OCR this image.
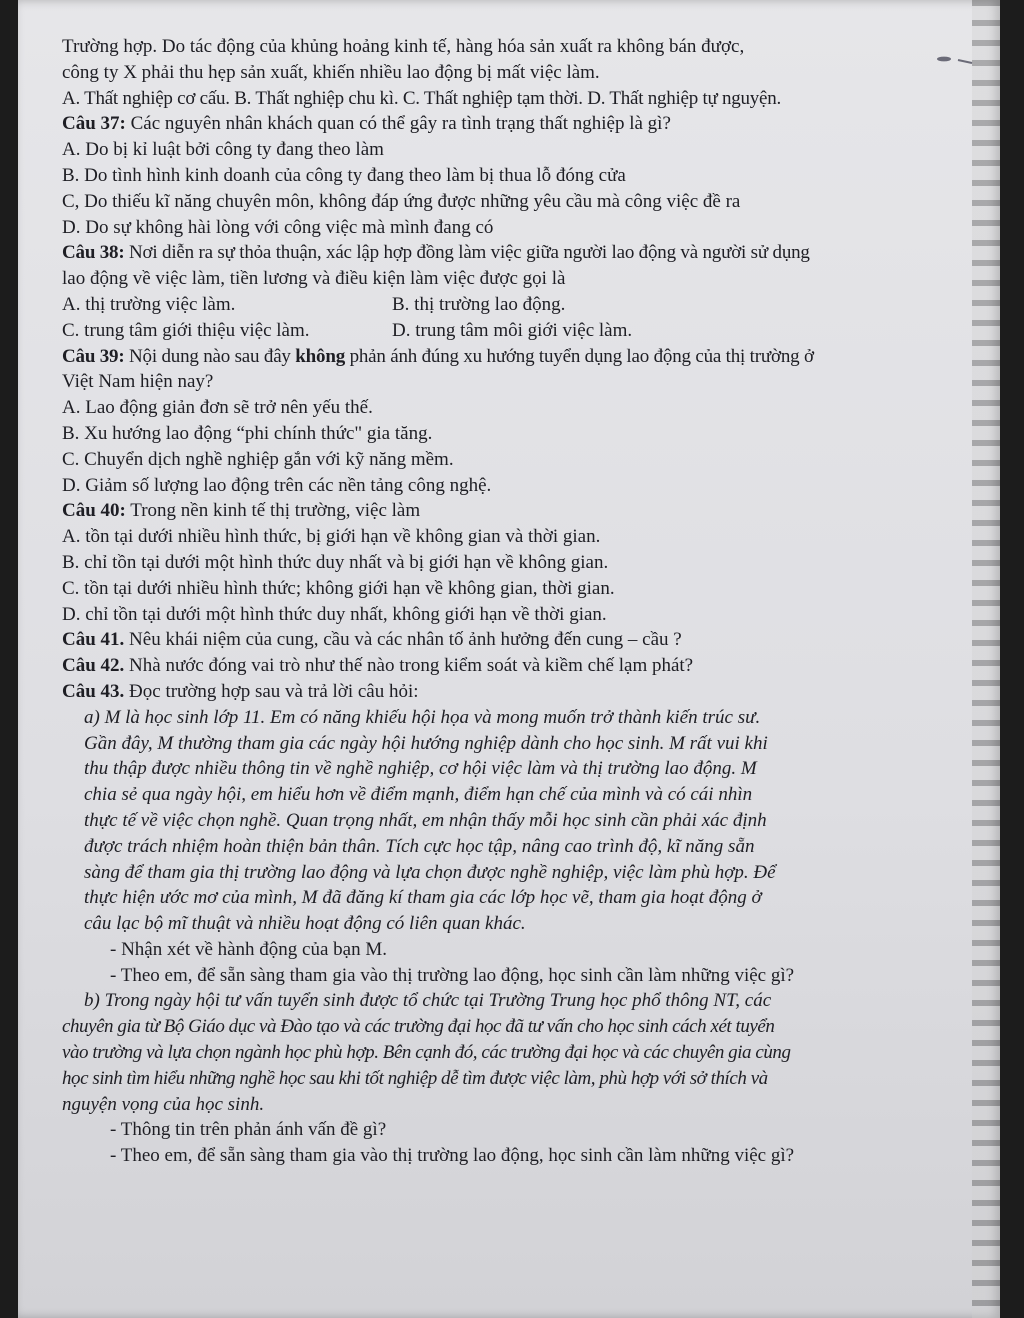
Trường hợp. Do tác động của khủng hoảng kinh tế, hàng hóa sản xuất ra không bán được,

công ty X phải thu hẹp sản xuất, khiến nhiều lao động bị mất việc làm.

A. Thất nghiệp cơ cấu. B. Thất nghiệp chu kì. C. Thất nghiệp tạm thời. D. Thất nghiệp tự nguyện.

Câu 37: Các nguyên nhân khách quan có thể gây ra tình trạng thất nghiệp là gì?

A. Do bị kỉ luật bởi công ty đang theo làm

B. Do tình hình kinh doanh của công ty đang theo làm bị thua lỗ đóng cửa

C, Do thiếu kĩ năng chuyên môn, không đáp ứng được những yêu cầu mà công việc đề ra

D. Do sự không hài lòng với công việc mà mình đang có

Câu 38: Nơi diễn ra sự thỏa thuận, xác lập hợp đồng làm việc giữa người lao động và người sử dụng

lao động về việc làm, tiền lương và điều kiện làm việc được gọi là

A. thị trường việc làm.	B. thị trường lao động.

C. trung tâm giới thiệu việc làm.	D. trung tâm môi giới việc làm.

Câu 39: Nội dung nào sau đây không phản ánh đúng xu hướng tuyển dụng lao động của thị trường ở

Việt Nam hiện nay?

A. Lao động giản đơn sẽ trở nên yếu thế.

B. Xu hướng lao động “phi chính thức" gia tăng.

C. Chuyển dịch nghề nghiệp gắn với kỹ năng mềm.

D. Giảm số lượng lao động trên các nền tảng công nghệ.

Câu 40: Trong nền kinh tế thị trường, việc làm

A. tồn tại dưới nhiều hình thức, bị giới hạn về không gian và thời gian.

B. chỉ tồn tại dưới một hình thức duy nhất và bị giới hạn về không gian.

C. tồn tại dưới nhiều hình thức; không giới hạn về không gian, thời gian.

D. chỉ tồn tại dưới một hình thức duy nhất, không giới hạn về thời gian.

Câu 41. Nêu khái niệm của cung, cầu và các nhân tố ảnh hưởng đến cung – cầu ?

Câu 42. Nhà nước đóng vai trò như thế nào trong kiểm soát và kiềm chế lạm phát?

Câu 43. Đọc trường hợp sau và trả lời câu hỏi:

a) M là học sinh lớp 11. Em có năng khiếu hội họa và mong muốn trở thành kiến trúc sư.

Gần đây, M thường tham gia các ngày hội hướng nghiệp dành cho học sinh. M rất vui khi

thu thập được nhiều thông tin về nghề nghiệp, cơ hội việc làm và thị trường lao động. M

chia sẻ qua ngày hội, em hiểu hơn về điểm mạnh, điểm hạn chế của mình và có cái nhìn

thực tế về việc chọn nghề. Quan trọng nhất, em nhận thấy mỗi học sinh cần phải xác định

được trách nhiệm hoàn thiện bản thân. Tích cực học tập, nâng cao trình độ, kĩ năng sẵn

sàng để tham gia thị trường lao động và lựa chọn được nghề nghiệp, việc làm phù hợp. Để

thực hiện ước mơ của mình, M đã đăng kí tham gia các lớp học vẽ, tham gia hoạt động ở

câu lạc bộ mĩ thuật và nhiều hoạt động có liên quan khác.

- Nhận xét về hành động của bạn M.

- Theo em, để sẵn sàng tham gia vào thị trường lao động, học sinh cần làm những việc gì?

b) Trong ngày hội tư vấn tuyển sinh được tổ chức tại Trường Trung học phổ thông NT, các

chuyên gia từ Bộ Giáo dục và Đào tạo và các trường đại học đã tư vấn cho học sinh cách xét tuyển

vào trường và lựa chọn ngành học phù hợp. Bên cạnh đó, các trường đại học và các chuyên gia cùng

học sinh tìm hiểu những nghề học sau khi tốt nghiệp dễ tìm được việc làm, phù hợp với sở thích và

nguyện vọng của học sinh.

- Thông tin trên phản ánh vấn đề gì?

- Theo em, để sẵn sàng tham gia vào thị trường lao động, học sinh cần làm những việc gì?
